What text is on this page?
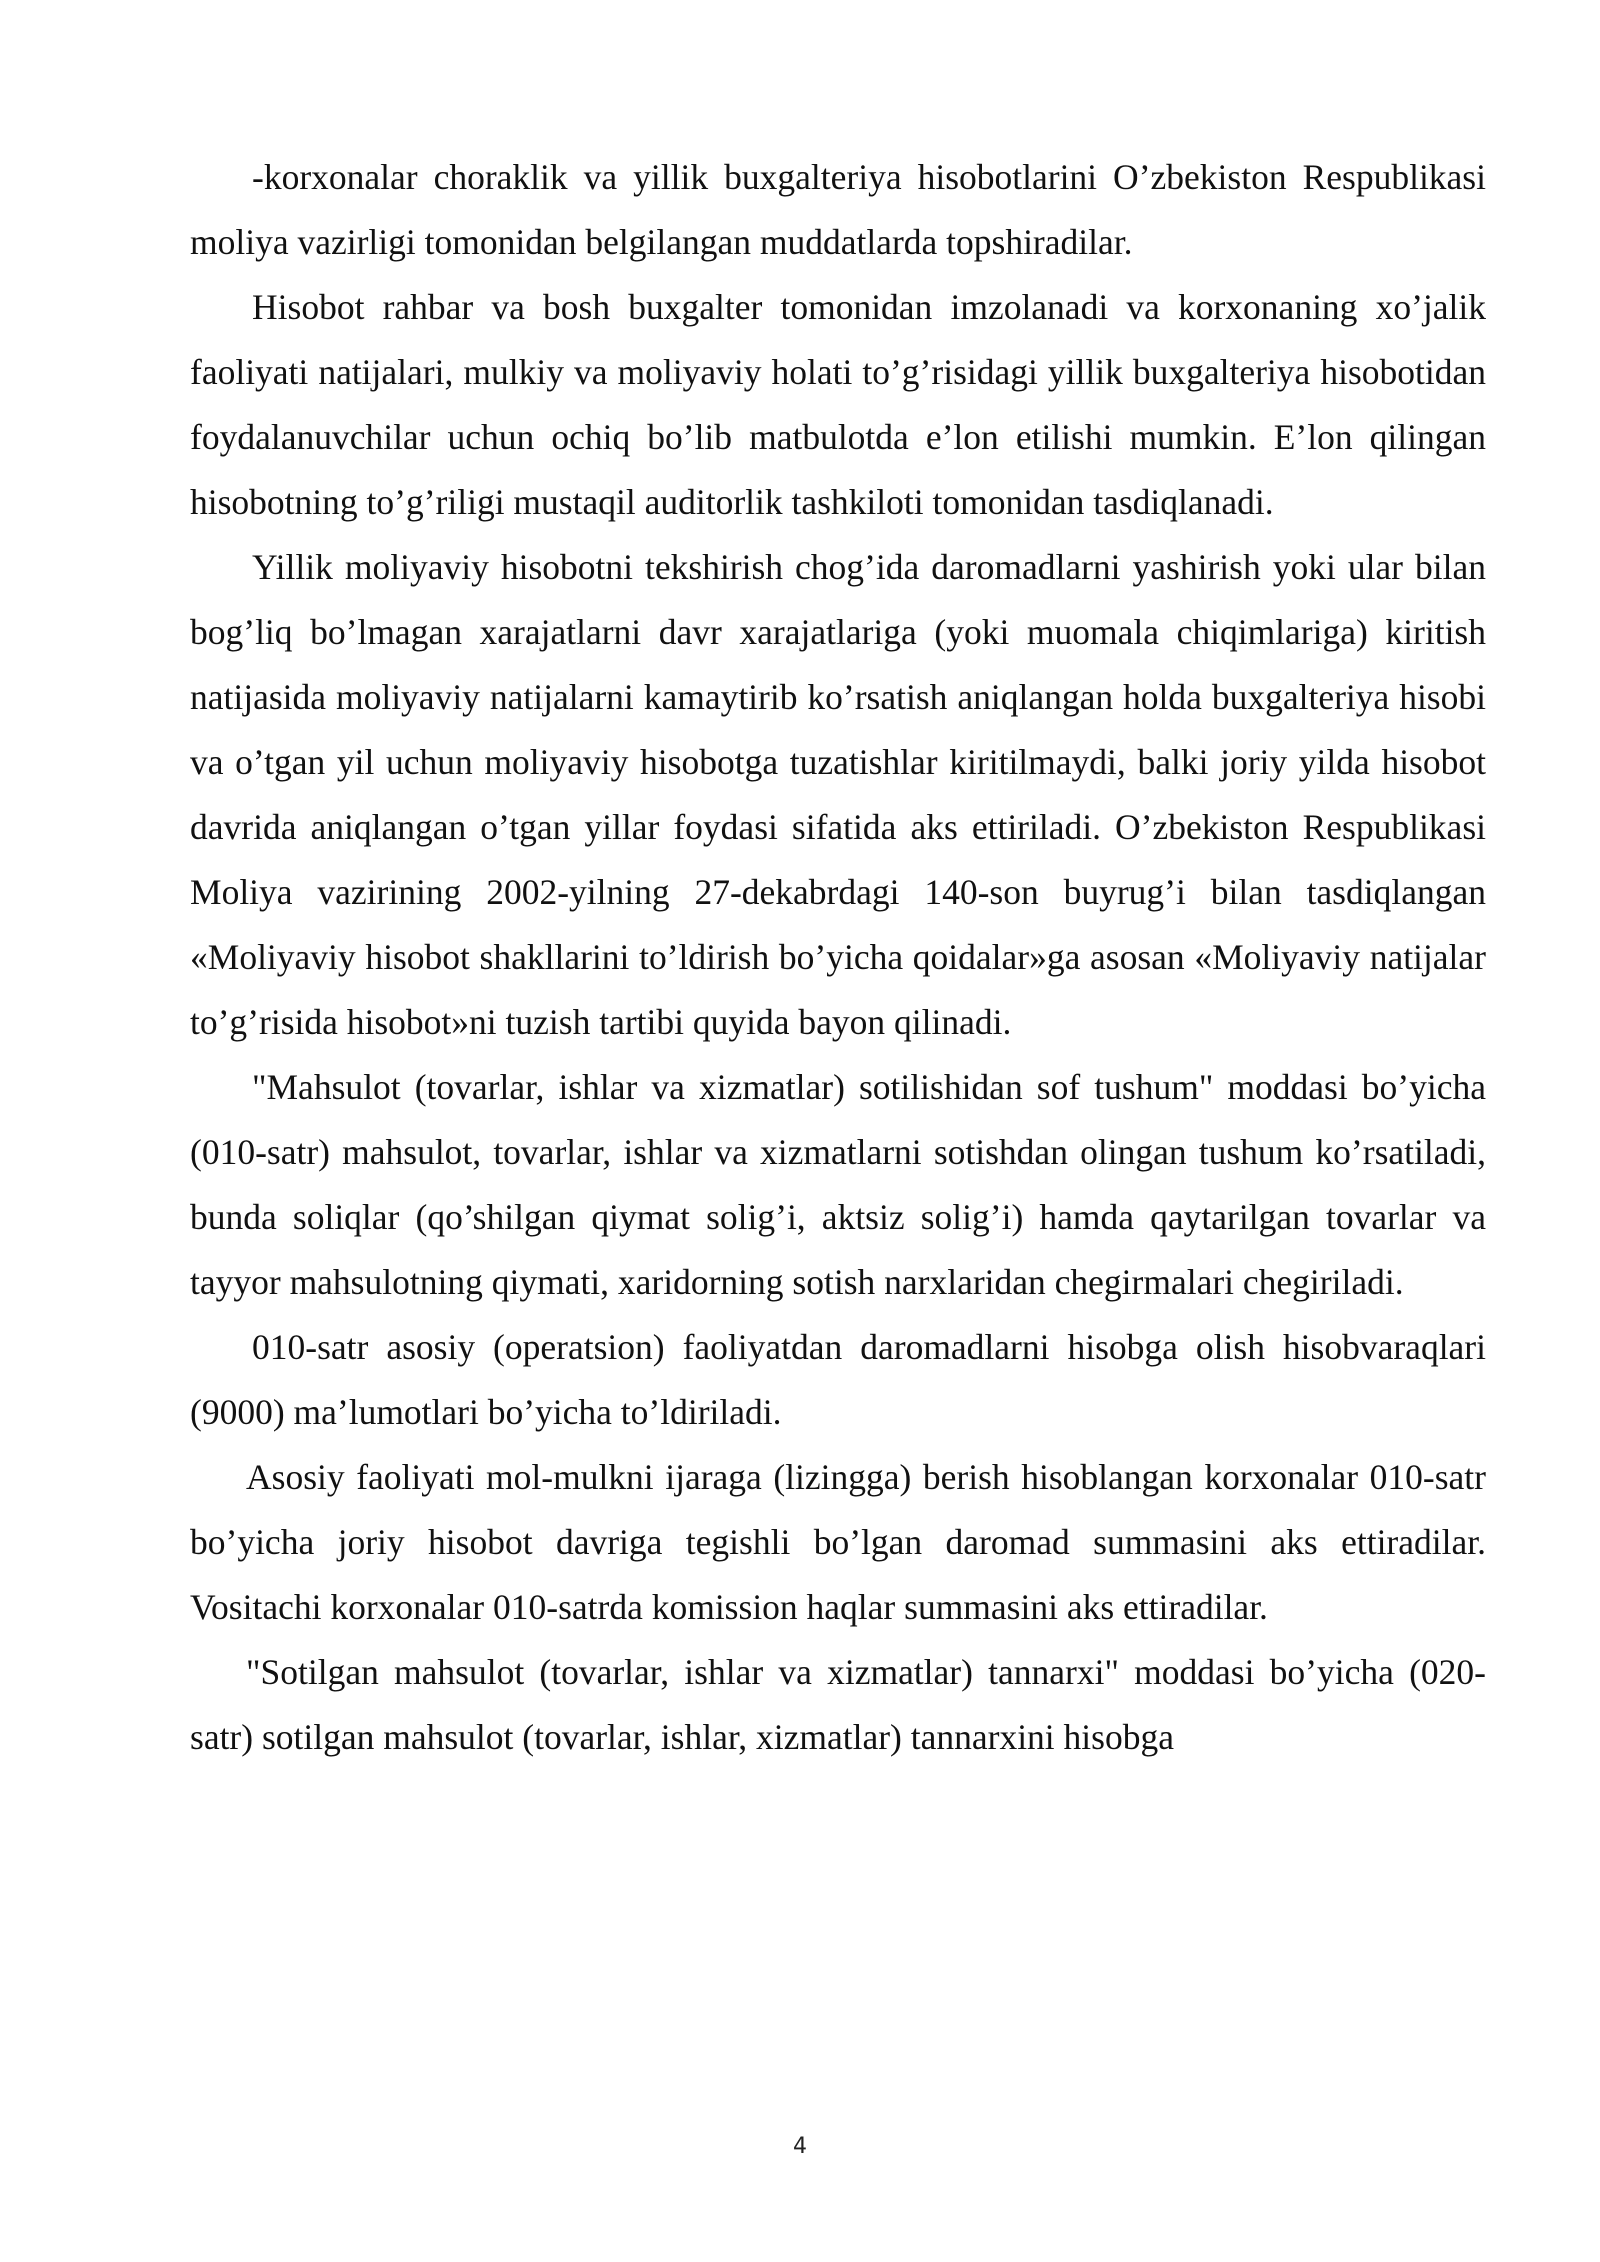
-korxonalar choraklik va yillik buxgalteriya hisobotlarini O’zbekiston Respublikasi moliya vazirligi tomonidan belgilangan muddatlarda topshiradilar.

Hisobot rahbar va bosh buxgalter tomonidan imzolanadi va korxonaning xo’jalik faoliyati natijalari, mulkiy va moliyaviy holati to’g’risidagi yillik buxgalteriya hisobotidan foydalanuvchilar uchun ochiq bo’lib matbulotda e’lon etilishi mumkin. E’lon qilingan hisobotning to’g’riligi mustaqil auditorlik tashkiloti tomonidan tasdiqlanadi.

Yillik moliyaviy hisobotni tekshirish chog’ida daromadlarni yashirish yoki ular bilan bog’liq bo’lmagan xarajatlarni davr xarajatlariga (yoki muomala chiqimlariga) kiritish natijasida moliyaviy natijalarni kamaytirib ko’rsatish aniqlangan holda buxgalteriya hisobi va o’tgan yil uchun moliyaviy hisobotga tuzatishlar kiritilmaydi, balki joriy yilda hisobot davrida aniqlangan o’tgan yillar foydasi sifatida aks ettiriladi. O’zbekiston Respublikasi Moliya vazirining 2002-yilning 27-dekabrdagi 140-son buyrug’i bilan tasdiqlangan «Moliyaviy hisobot shakllarini to’ldirish bo’yicha qoidalar»ga asosan «Moliyaviy natijalar to’g’risida hisobot»ni tuzish tartibi quyida bayon qilinadi.

"Mahsulot (tovarlar, ishlar va xizmatlar) sotilishidan sof tushum" moddasi bo’yicha (010-satr) mahsulot, tovarlar, ishlar va xizmatlarni sotishdan olingan tushum ko’rsatiladi, bunda soliqlar (qo’shilgan qiymat solig’i, aktsiz solig’i) hamda qaytarilgan tovarlar va tayyor mahsulotning qiymati, xaridorning sotish narxlaridan chegirmalari chegiriladi.

010-satr asosiy (operatsion) faoliyatdan daromadlarni hisobga olish hisobvaraqlari (9000) ma’lumotlari bo’yicha to’ldiriladi.

Asosiy faoliyati mol-mulkni ijaraga (lizingga) berish hisoblangan korxonalar 010-satr bo’yicha joriy hisobot davriga tegishli bo’lgan daromad summasini aks ettiradilar. Vositachi korxonalar 010-satrda komission haqlar summasini aks ettiradilar.

"Sotilgan mahsulot (tovarlar, ishlar va xizmatlar) tannarxi" moddasi bo’yicha (020-satr) sotilgan mahsulot (tovarlar, ishlar, xizmatlar) tannarxini hisobga

4
